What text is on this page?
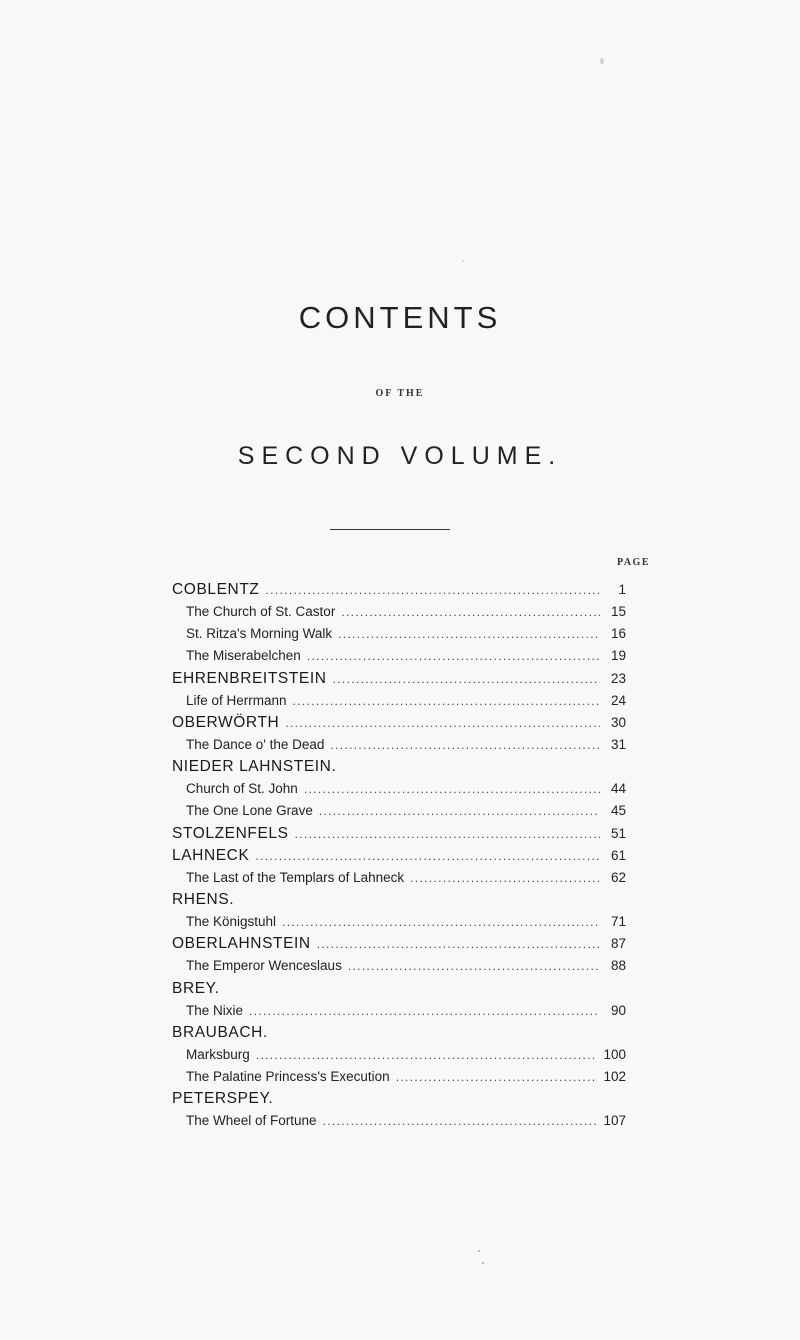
CONTENTS
OF THE
SECOND VOLUME.
PAGE
COBLENTZ . . .	1
The Church of St. Castor . . .	15
St. Ritza's Morning Walk . . .	16
The Miserabelchen . . .	19
EHRENBREITSTEIN . . .	23
Life of Herrmann . . .	24
OBERWÖRTH . . .	30
The Dance o' the Dead . . .	31
NIEDER LAHNSTEIN.
Church of St. John . . .	44
The One Lone Grave . . .	45
STOLZENFELS . . .	51
LAHNECK . . .	61
The Last of the Templars of Lahneck . . .	62
RHENS.
The Königstuhl . . .	71
OBERLAHNSTEIN . . .	87
The Emperor Wenceslaus . . .	88
BREY.
The Nixie . . .	90
BRAUBACH.
Marksburg . . .	100
The Palatine Princess's Execution . . .	102
PETERSPEY.
The Wheel of Fortune . . .	107
